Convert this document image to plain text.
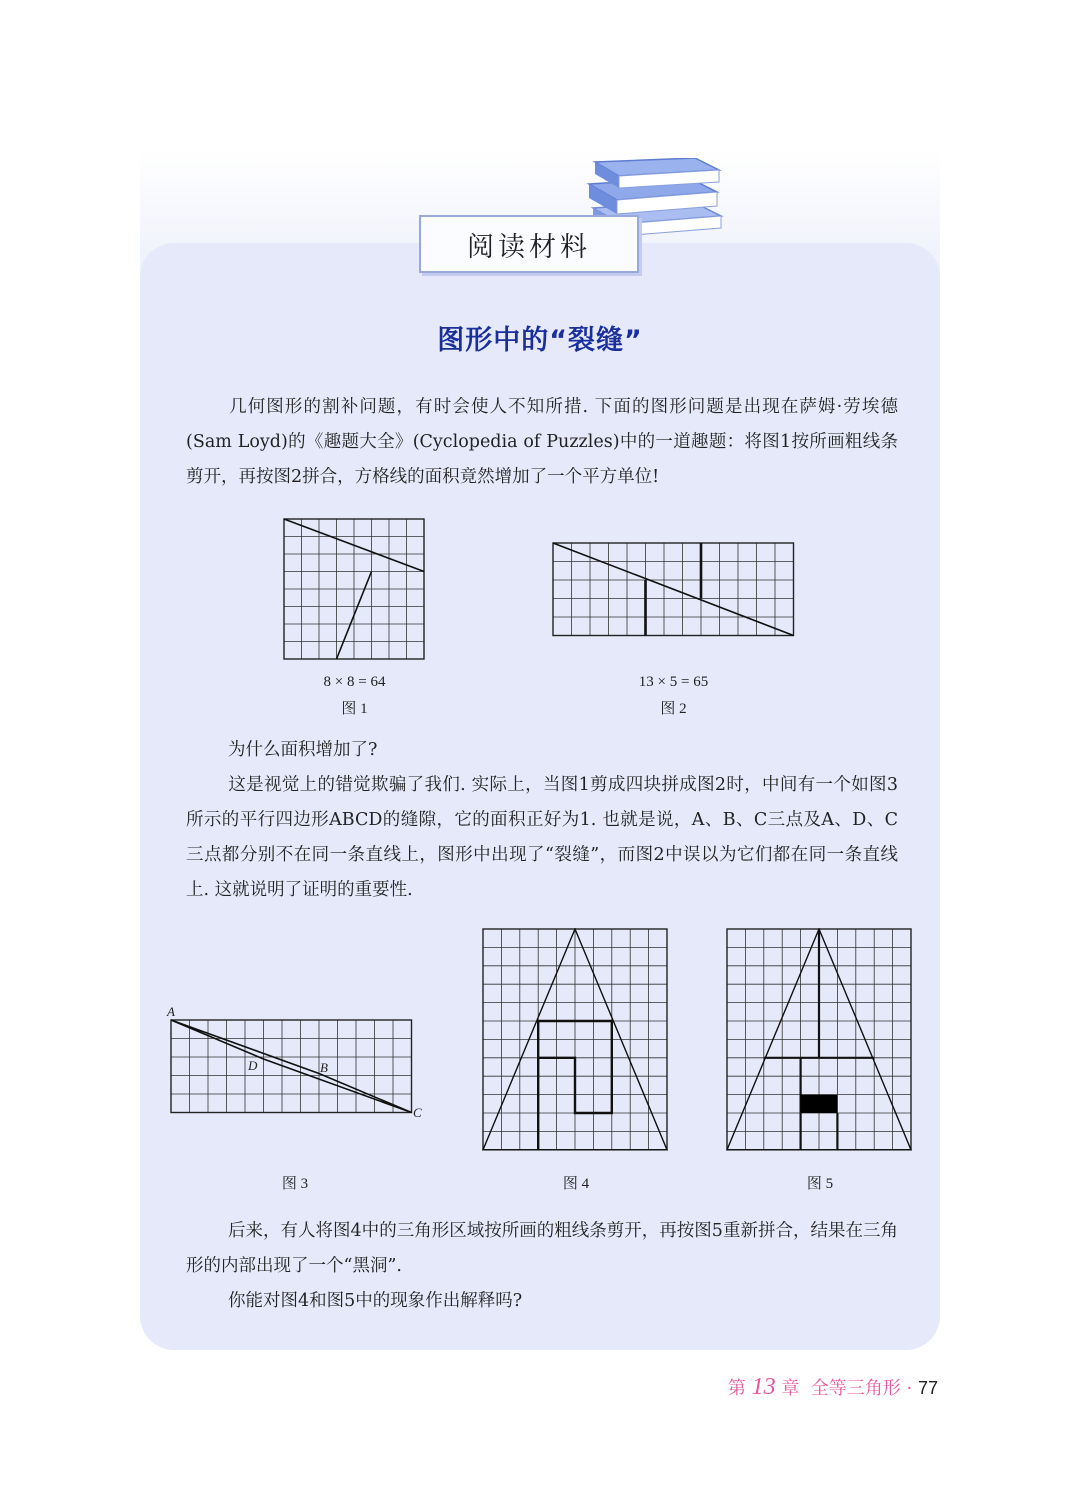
阅读材料
图形中的“裂缝”
几何图形的割补问题，有时会使人不知所措. 下面的图形问题是出现在萨姆·劳埃德(Sam Loyd)的《趣题大全》(Cyclopedia of Puzzles)中的一道趣题：将图1按所画粗线条剪开，再按图2拼合，方格线的面积竟然增加了一个平方单位!
8 × 8 = 64
图 1
13 × 5 = 65
图 2
为什么面积增加了?
这是视觉上的错觉欺骗了我们. 实际上，当图1剪成四块拼成图2时，中间有一个如图3所示的平行四边形ABCD的缝隙，它的面积正好为1. 也就是说，A、B、C三点及A、D、C三点都分别不在同一条直线上，图形中出现了“裂缝”，而图2中误以为它们都在同一条直线上. 这就说明了证明的重要性.
A
D	B
C
图 3	图 4	图 5
后来，有人将图4中的三角形区域按所画的粗线条剪开，再按图5重新拼合，结果在三角形的内部出现了一个“黑洞”.
你能对图4和图5中的现象作出解释吗?
第 13 章 全等三角形 · 77
